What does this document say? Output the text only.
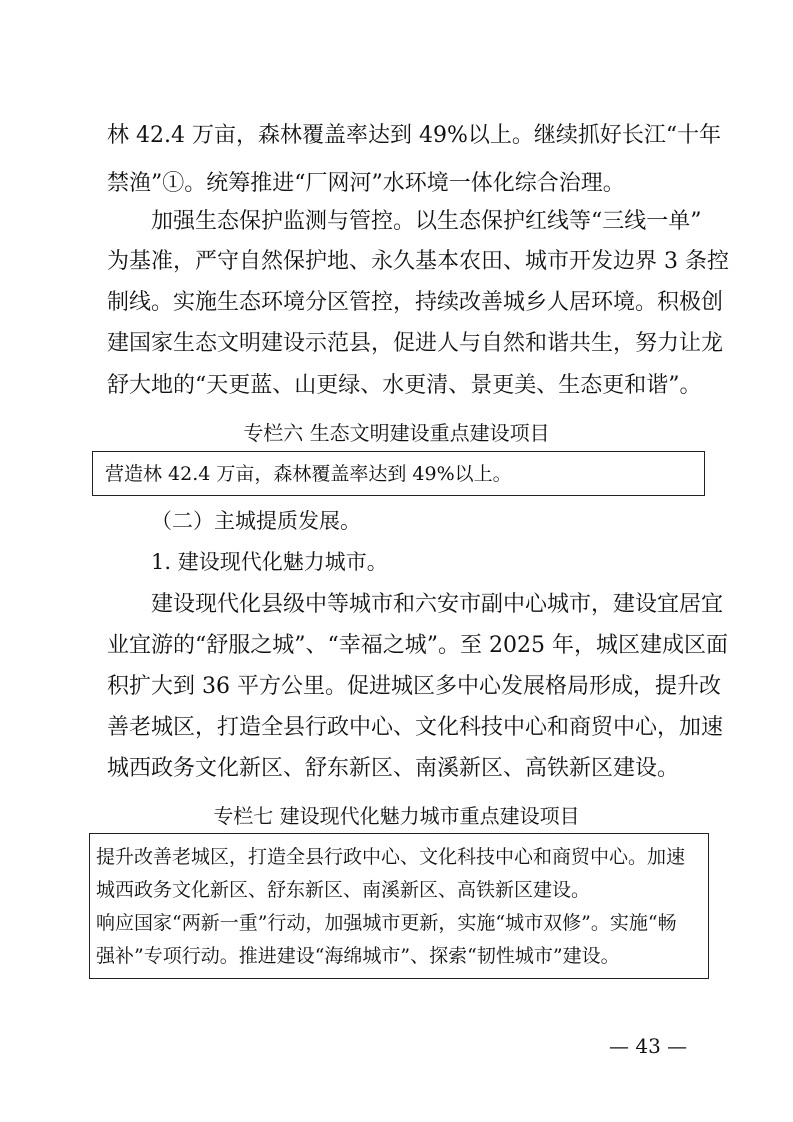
林 42.4 万亩，森林覆盖率达到 49%以上。继续抓好长江“十年

禁渔”①。统筹推进“厂网河”水环境一体化综合治理。

加强生态保护监测与管控。以生态保护红线等“三线一单”

为基准，严守自然保护地、永久基本农田、城市开发边界 3 条控

制线。实施生态环境分区管控，持续改善城乡人居环境。积极创

建国家生态文明建设示范县，促进人与自然和谐共生，努力让龙

舒大地的“天更蓝、山更绿、水更清、景更美、生态更和谐”。

专栏六 生态文明建设重点建设项目

营造林 42.4 万亩，森林覆盖率达到 49%以上。

（二）主城提质发展。

1. 建设现代化魅力城市。

建设现代化县级中等城市和六安市副中心城市，建设宜居宜

业宜游的“舒服之城”、“幸福之城”。至 2025 年，城区建成区面

积扩大到 36 平方公里。促进城区多中心发展格局形成，提升改

善老城区，打造全县行政中心、文化科技中心和商贸中心，加速

城西政务文化新区、舒东新区、南溪新区、高铁新区建设。

专栏七 建设现代化魅力城市重点建设项目

提升改善老城区，打造全县行政中心、文化科技中心和商贸中心。加速

城西政务文化新区、舒东新区、南溪新区、高铁新区建设。

响应国家“两新一重”行动，加强城市更新，实施“城市双修”。实施“畅

强补”专项行动。推进建设“海绵城市”、探索“韧性城市”建设。

— 43 —
